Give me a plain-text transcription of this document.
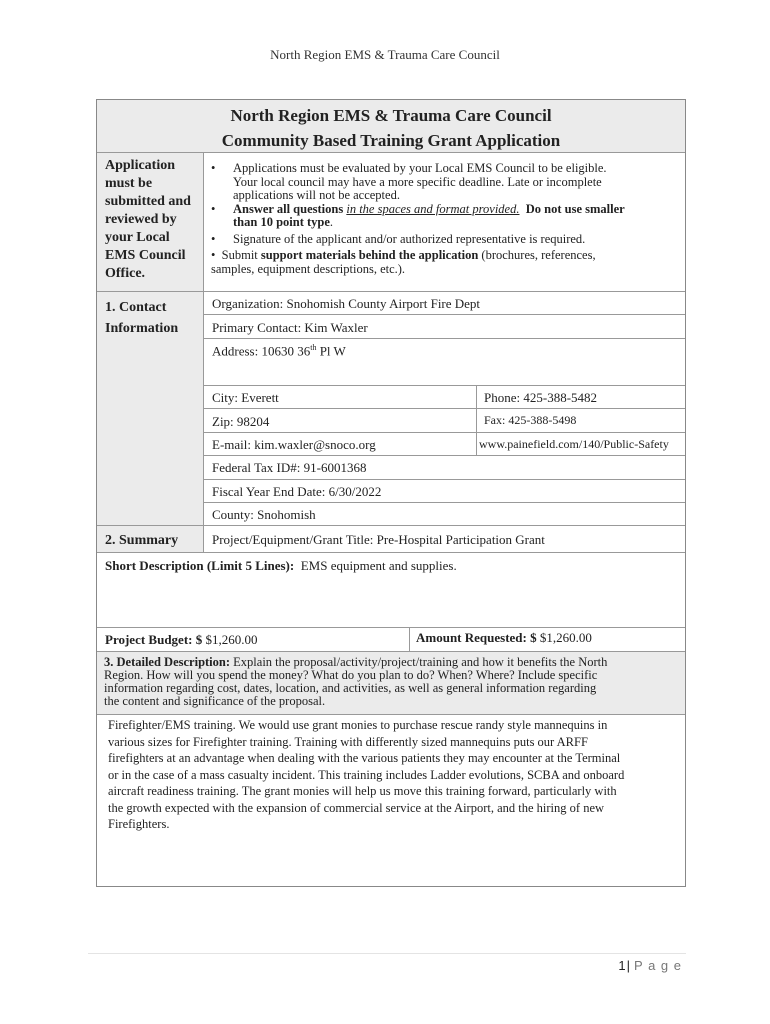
North Region EMS & Trauma Care Council
North Region EMS & Trauma Care Council
Community Based Training Grant Application
Application
must be
submitted and
reviewed by
your Local
EMS Council
Office.
•	Applications must be evaluated by your Local EMS Council to be eligible.
Your local council may have a more specific deadline. Late or incomplete
applications will not be accepted.
•	Answer all questions in the spaces and format provided. Do not use smaller
than 10 point type.
•	Signature of the applicant and/or authorized representative is required.
• Submit support materials behind the application (brochures, references,
samples, equipment descriptions, etc.).
1. Contact
Information
Organization: Snohomish County Airport Fire Dept
Primary Contact: Kim Waxler
Address: 10630 36th Pl W
City: Everett	Phone: 425-388-5482
Zip: 98204	Fax: 425-388-5498
E-mail: kim.waxler@snoco.org	www.painefield.com/140/Public-Safety
Federal Tax ID#: 91-6001368
Fiscal Year End Date: 6/30/2022
County: Snohomish
2. Summary	Project/Equipment/Grant Title: Pre-Hospital Participation Grant
Short Description (Limit 5 Lines): EMS equipment and supplies.
Project Budget: $ $1,260.00	Amount Requested: $ $1,260.00
3. Detailed Description: Explain the proposal/activity/project/training and how it benefits the North
Region. How will you spend the money? What do you plan to do? When? Where? Include specific
information regarding cost, dates, location, and activities, as well as general information regarding
the content and significance of the proposal.
Firefighter/EMS training. We would use grant monies to purchase rescue randy style mannequins in
various sizes for Firefighter training. Training with differently sized mannequins puts our ARFF
firefighters at an advantage when dealing with the various patients they may encounter at the Terminal
or in the case of a mass casualty incident. This training includes Ladder evolutions, SCBA and onboard
aircraft readiness training. The grant monies will help us move this training forward, particularly with
the growth expected with the expansion of commercial service at the Airport, and the hiring of new
Firefighters.
1| P a g e
